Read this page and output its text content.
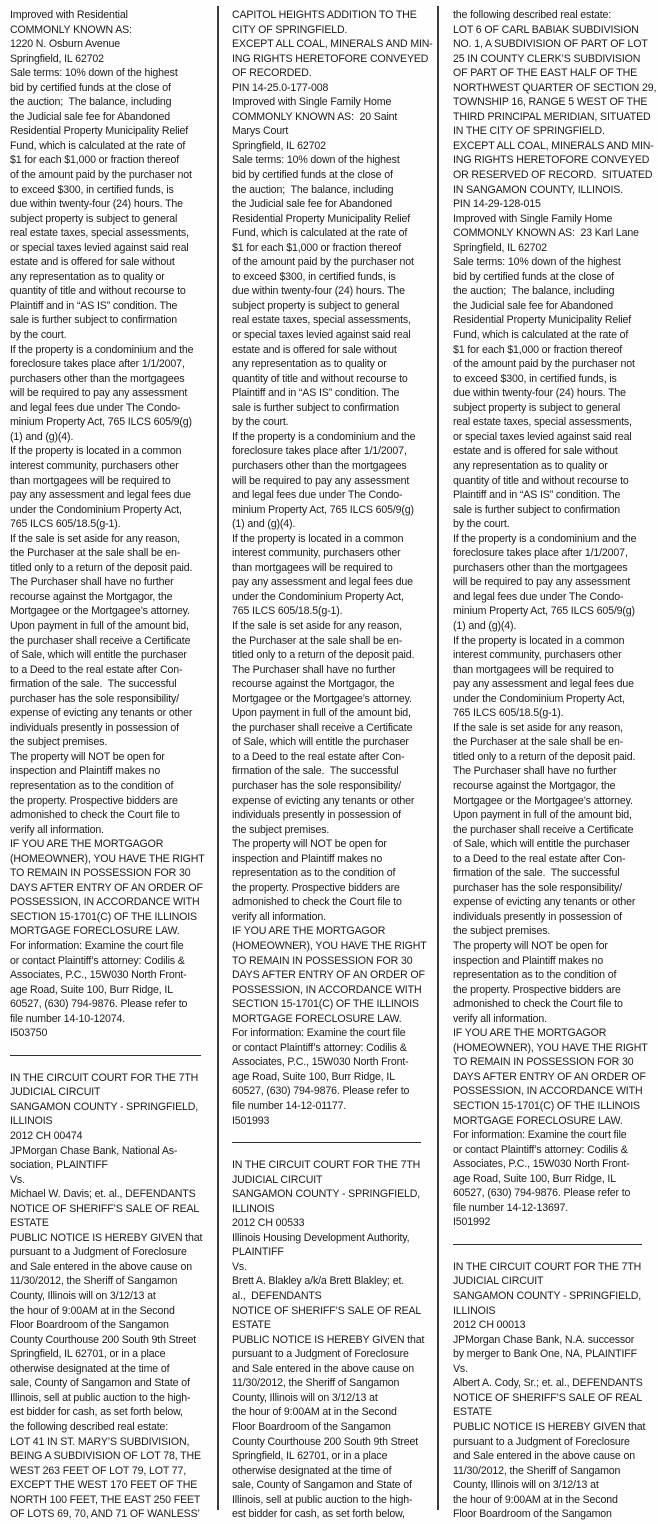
Improved with Residential
COMMONLY KNOWN AS:
1220 N. Osburn Avenue
Springfield, IL 62702
Sale terms: 10% down of the highest
bid by certified funds at the close of
the auction;  The balance, including
the Judicial sale fee for Abandoned
Residential Property Municipality Relief
Fund, which is calculated at the rate of
$1 for each $1,000 or fraction thereof
of the amount paid by the purchaser not
to exceed $300, in certified funds, is
due within twenty-four (24) hours. The
subject property is subject to general
real estate taxes, special assessments,
or special taxes levied against said real
estate and is offered for sale without
any representation as to quality or
quantity of title and without recourse to
Plaintiff and in “AS IS” condition. The
sale is further subject to confirmation
by the court.
If the property is a condominium and the
foreclosure takes place after 1/1/2007,
purchasers other than the mortgagees
will be required to pay any assessment
and legal fees due under The Condo-
minium Property Act, 765 ILCS 605/9(g)
(1) and (g)(4).
If the property is located in a common
interest community, purchasers other
than mortgagees will be required to
pay any assessment and legal fees due
under the Condominium Property Act,
765 ILCS 605/18.5(g-1).
If the sale is set aside for any reason,
the Purchaser at the sale shall be en-
titled only to a return of the deposit paid.
The Purchaser shall have no further
recourse against the Mortgagor, the
Mortgagee or the Mortgagee’s attorney.
Upon payment in full of the amount bid,
the purchaser shall receive a Certificate
of Sale, which will entitle the purchaser
to a Deed to the real estate after Con-
firmation of the sale.  The successful
purchaser has the sole responsibility/
expense of evicting any tenants or other
individuals presently in possession of
the subject premises.
The property will NOT be open for
inspection and Plaintiff makes no
representation as to the condition of
the property. Prospective bidders are
admonished to check the Court file to
verify all information.
IF YOU ARE THE MORTGAGOR
(HOMEOWNER), YOU HAVE THE RIGHT
TO REMAIN IN POSSESSION FOR 30
DAYS AFTER ENTRY OF AN ORDER OF
POSSESSION, IN ACCORDANCE WITH
SECTION 15-1701(C) OF THE ILLINOIS
MORTGAGE FORECLOSURE LAW.
For information: Examine the court file
or contact Plaintiff’s attorney: Codilis &
Associates, P.C., 15W030 North Front-
age Road, Suite 100, Burr Ridge, IL
60527, (630) 794-9876. Please refer to
file number 14-10-12074.
I503750
IN THE CIRCUIT COURT FOR THE 7TH
JUDICIAL CIRCUIT
SANGAMON COUNTY - SPRINGFIELD,
ILLINOIS
2012 CH 00474
JPMorgan Chase Bank, National As-
sociation, PLAINTIFF
Vs.
Michael W. Davis; et. al., DEFENDANTS
NOTICE OF SHERIFF’S SALE OF REAL
ESTATE
PUBLIC NOTICE IS HEREBY GIVEN that
pursuant to a Judgment of Foreclosure
and Sale entered in the above cause on
11/30/2012, the Sheriff of Sangamon
County, Illinois will on 3/12/13 at
the hour of 9:00AM at in the Second
Floor Boardroom of the Sangamon
County Courthouse 200 South 9th Street
Springfield, IL 62701, or in a place
otherwise designated at the time of
sale, County of Sangamon and State of
Illinois, sell at public auction to the high-
est bidder for cash, as set forth below,
the following described real estate:
LOT 41 IN ST. MARY’S SUBDIVISION,
BEING A SUBDIVISION OF LOT 78, THE
WEST 263 FEET OF LOT 79, LOT 77,
EXCEPT THE WEST 170 FEET OF THE
NORTH 100 FEET, THE EAST 250 FEET
OF LOTS 69, 70, AND 71 OF WANLESS’
CAPITOL HEIGHTS ADDITION TO THE
CITY OF SPRINGFIELD.
EXCEPT ALL COAL, MINERALS AND MIN-
ING RIGHTS HERETOFORE CONVEYED
OF RECORDED.
PIN 14-25.0-177-008
Improved with Single Family Home
COMMONLY KNOWN AS:  20 Saint
Marys Court
Springfield, IL 62702
Sale terms: 10% down of the highest
bid by certified funds at the close of
the auction;  The balance, including
the Judicial sale fee for Abandoned
Residential Property Municipality Relief
Fund, which is calculated at the rate of
$1 for each $1,000 or fraction thereof
of the amount paid by the purchaser not
to exceed $300, in certified funds, is
due within twenty-four (24) hours. The
subject property is subject to general
real estate taxes, special assessments,
or special taxes levied against said real
estate and is offered for sale without
any representation as to quality or
quantity of title and without recourse to
Plaintiff and in “AS IS” condition. The
sale is further subject to confirmation
by the court.
If the property is a condominium and the
foreclosure takes place after 1/1/2007,
purchasers other than the mortgagees
will be required to pay any assessment
and legal fees due under The Condo-
minium Property Act, 765 ILCS 605/9(g)
(1) and (g)(4).
If the property is located in a common
interest community, purchasers other
than mortgagees will be required to
pay any assessment and legal fees due
under the Condominium Property Act,
765 ILCS 605/18.5(g-1).
If the sale is set aside for any reason,
the Purchaser at the sale shall be en-
titled only to a return of the deposit paid.
The Purchaser shall have no further
recourse against the Mortgagor, the
Mortgagee or the Mortgagee’s attorney.
Upon payment in full of the amount bid,
the purchaser shall receive a Certificate
of Sale, which will entitle the purchaser
to a Deed to the real estate after Con-
firmation of the sale.  The successful
purchaser has the sole responsibility/
expense of evicting any tenants or other
individuals presently in possession of
the subject premises.
The property will NOT be open for
inspection and Plaintiff makes no
representation as to the condition of
the property. Prospective bidders are
admonished to check the Court file to
verify all information.
IF YOU ARE THE MORTGAGOR
(HOMEOWNER), YOU HAVE THE RIGHT
TO REMAIN IN POSSESSION FOR 30
DAYS AFTER ENTRY OF AN ORDER OF
POSSESSION, IN ACCORDANCE WITH
SECTION 15-1701(C) OF THE ILLINOIS
MORTGAGE FORECLOSURE LAW.
For information: Examine the court file
or contact Plaintiff’s attorney: Codilis &
Associates, P.C., 15W030 North Front-
age Road, Suite 100, Burr Ridge, IL
60527, (630) 794-9876. Please refer to
file number 14-12-01177.
I501993
IN THE CIRCUIT COURT FOR THE 7TH
JUDICIAL CIRCUIT
SANGAMON COUNTY - SPRINGFIELD,
ILLINOIS
2012 CH 00533
Illinois Housing Development Authority,
PLAINTIFF
Vs.
Brett A. Blakley a/k/a Brett Blakley; et.
al.,  DEFENDANTS
NOTICE OF SHERIFF’S SALE OF REAL
ESTATE
PUBLIC NOTICE IS HEREBY GIVEN that
pursuant to a Judgment of Foreclosure
and Sale entered in the above cause on
11/30/2012, the Sheriff of Sangamon
County, Illinois will on 3/12/13 at
the hour of 9:00AM at in the Second
Floor Boardroom of the Sangamon
County Courthouse 200 South 9th Street
Springfield, IL 62701, or in a place
otherwise designated at the time of
sale, County of Sangamon and State of
Illinois, sell at public auction to the high-
est bidder for cash, as set forth below,
the following described real estate:
LOT 6 OF CARL BABIAK SUBDIVISION
NO. 1, A SUBDIVISION OF PART OF LOT
25 IN COUNTY CLERK’S SUBDIVISION
OF PART OF THE EAST HALF OF THE
NORTHWEST QUARTER OF SECTION 29,
TOWNSHIP 16, RANGE 5 WEST OF THE
THIRD PRINCIPAL MERIDIAN, SITUATED
IN THE CITY OF SPRINGFIELD.
EXCEPT ALL COAL, MINERALS AND MIN-
ING RIGHTS HERETOFORE CONVEYED
OR RESERVED OF RECORD.  SITUATED
IN SANGAMON COUNTY, ILLINOIS.
PIN 14-29-128-015
Improved with Single Family Home
COMMONLY KNOWN AS:  23 Karl Lane
Springfield, IL 62702
Sale terms: 10% down of the highest
bid by certified funds at the close of
the auction;  The balance, including
the Judicial sale fee for Abandoned
Residential Property Municipality Relief
Fund, which is calculated at the rate of
$1 for each $1,000 or fraction thereof
of the amount paid by the purchaser not
to exceed $300, in certified funds, is
due within twenty-four (24) hours. The
subject property is subject to general
real estate taxes, special assessments,
or special taxes levied against said real
estate and is offered for sale without
any representation as to quality or
quantity of title and without recourse to
Plaintiff and in “AS IS” condition. The
sale is further subject to confirmation
by the court.
If the property is a condominium and the
foreclosure takes place after 1/1/2007,
purchasers other than the mortgagees
will be required to pay any assessment
and legal fees due under The Condo-
minium Property Act, 765 ILCS 605/9(g)
(1) and (g)(4).
If the property is located in a common
interest community, purchasers other
than mortgagees will be required to
pay any assessment and legal fees due
under the Condominium Property Act,
765 ILCS 605/18.5(g-1).
If the sale is set aside for any reason,
the Purchaser at the sale shall be en-
titled only to a return of the deposit paid.
The Purchaser shall have no further
recourse against the Mortgagor, the
Mortgagee or the Mortgagee’s attorney.
Upon payment in full of the amount bid,
the purchaser shall receive a Certificate
of Sale, which will entitle the purchaser
to a Deed to the real estate after Con-
firmation of the sale.  The successful
purchaser has the sole responsibility/
expense of evicting any tenants or other
individuals presently in possession of
the subject premises.
The property will NOT be open for
inspection and Plaintiff makes no
representation as to the condition of
the property. Prospective bidders are
admonished to check the Court file to
verify all information.
IF YOU ARE THE MORTGAGOR
(HOMEOWNER), YOU HAVE THE RIGHT
TO REMAIN IN POSSESSION FOR 30
DAYS AFTER ENTRY OF AN ORDER OF
POSSESSION, IN ACCORDANCE WITH
SECTION 15-1701(C) OF THE ILLINOIS
MORTGAGE FORECLOSURE LAW.
For information: Examine the court file
or contact Plaintiff’s attorney: Codilis &
Associates, P.C., 15W030 North Front-
age Road, Suite 100, Burr Ridge, IL
60527, (630) 794-9876. Please refer to
file number 14-12-13697.
I501992
IN THE CIRCUIT COURT FOR THE 7TH
JUDICIAL CIRCUIT
SANGAMON COUNTY - SPRINGFIELD,
ILLINOIS
2012 CH 00013
JPMorgan Chase Bank, N.A. successor
by merger to Bank One, NA, PLAINTIFF
Vs.
Albert A. Cody, Sr.; et. al., DEFENDANTS
NOTICE OF SHERIFF’S SALE OF REAL
ESTATE
PUBLIC NOTICE IS HEREBY GIVEN that
pursuant to a Judgment of Foreclosure
and Sale entered in the above cause on
11/30/2012, the Sheriff of Sangamon
County, Illinois will on 3/12/13 at
the hour of 9:00AM at in the Second
Floor Boardroom of the Sangamon
